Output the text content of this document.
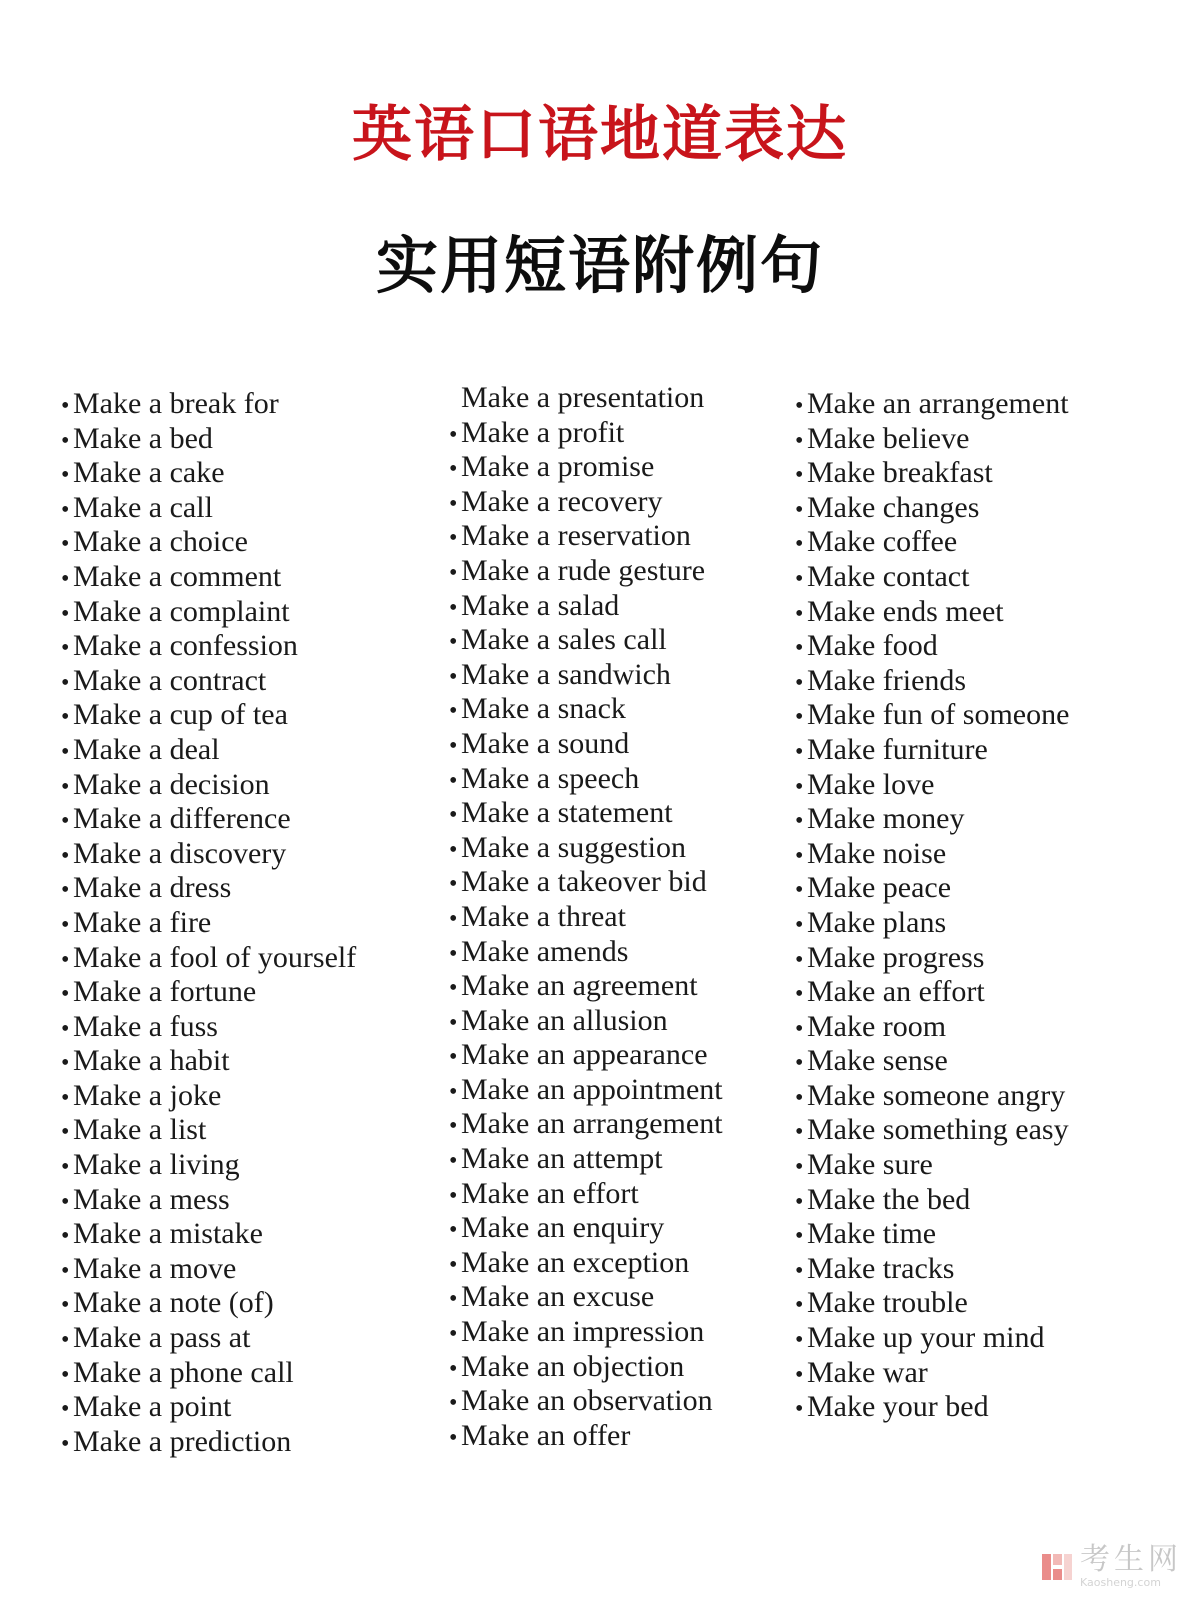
英语口语地道表达
实用短语附例句
• Make a break for
• Make a bed
• Make a cake
• Make a call
• Make a choice
• Make a comment
• Make a complaint
• Make a confession
• Make a contract
• Make a cup of tea
• Make a deal
• Make a decision
• Make a difference
• Make a discovery
• Make a dress
• Make a fire
• Make a fool of yourself
• Make a fortune
• Make a fuss
• Make a habit
• Make a joke
• Make a list
• Make a living
• Make a mess
• Make a mistake
• Make a move
• Make a note (of)
• Make a pass at
• Make a phone call
• Make a point
• Make a prediction
Make a presentation
• Make a profit
• Make a promise
• Make a recovery
• Make a reservation
• Make a rude gesture
• Make a salad
• Make a sales call
• Make a sandwich
• Make a snack
• Make a sound
• Make a speech
• Make a statement
• Make a suggestion
• Make a takeover bid
• Make a threat
• Make amends
• Make an agreement
• Make an allusion
• Make an appearance
• Make an appointment
• Make an arrangement
• Make an attempt
• Make an effort
• Make an enquiry
• Make an exception
• Make an excuse
• Make an impression
• Make an objection
• Make an observation
• Make an offer
• Make an arrangement
• Make believe
• Make breakfast
• Make changes
• Make coffee
• Make contact
• Make ends meet
• Make food
• Make friends
• Make fun of someone
• Make furniture
• Make love
• Make money
• Make noise
• Make peace
• Make plans
• Make progress
• Make an effort
• Make room
• Make sense
• Make someone angry
• Make something easy
• Make sure
• Make the bed
• Make time
• Make tracks
• Make trouble
• Make up your mind
• Make war
• Make your bed
考生网
Kaosheng.com
